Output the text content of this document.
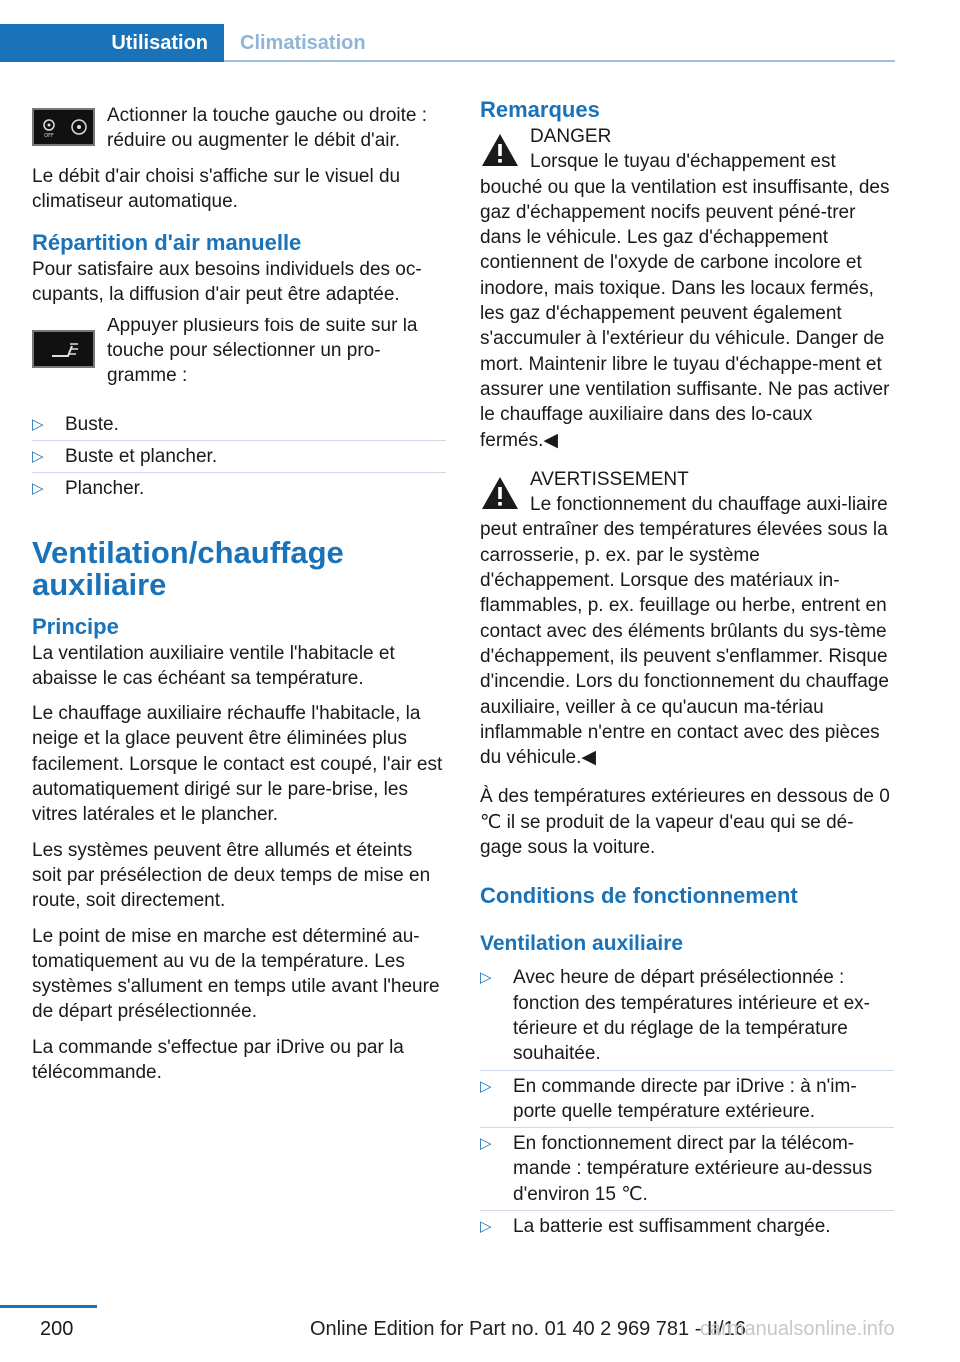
Utilisation	Climatisation
OFF

Actionner la touche gauche ou droite : réduire ou augmenter le débit d'air.

Le débit d'air choisi s'affiche sur le visuel du climatiseur automatique.

Répartition d'air manuelle

Pour satisfaire aux besoins individuels des oc-cupants, la diffusion d'air peut être adaptée.

Appuyer plusieurs fois de suite sur la touche pour sélectionner un pro-gramme :

▷ Buste.
▷ Buste et plancher.
▷ Plancher.
Ventilation/chauffage auxiliaire
Principe

La ventilation auxiliaire ventile l'habitacle et abaisse le cas échéant sa température.

Le chauffage auxiliaire réchauffe l'habitacle, la neige et la glace peuvent être éliminées plus facilement. Lorsque le contact est coupé, l'air est automatiquement dirigé sur le pare-brise, les vitres latérales et le plancher.

Les systèmes peuvent être allumés et éteints soit par présélection de deux temps de mise en route, soit directement.

Le point de mise en marche est déterminé au-tomatiquement au vu de la température. Les systèmes s'allument en temps utile avant l'heure de départ présélectionnée.

La commande s'effectue par iDrive ou par la télécommande.

Remarques

DANGER

Lorsque le tuyau d'échappement est bouché ou que la ventilation est insuffisante, des gaz d'échappement nocifs peuvent péné-trer dans le véhicule. Les gaz d'échappement contiennent de l'oxyde de carbone incolore et inodore, mais toxique. Dans les locaux fermés, les gaz d'échappement peuvent également s'accumuler à l'extérieur du véhicule. Danger de mort. Maintenir libre le tuyau d'échappe-ment et assurer une ventilation suffisante. Ne pas activer le chauffage auxiliaire dans des lo-caux fermés.◀

AVERTISSEMENT

Le fonctionnement du chauffage auxi-liaire peut entraîner des températures élevées sous la carrosserie, p. ex. par le système d'échappement. Lorsque des matériaux in-flammables, p. ex. feuillage ou herbe, entrent en contact avec des éléments brûlants du sys-tème d'échappement, ils peuvent s'enflammer. Risque d'incendie. Lors du fonctionnement du chauffage auxiliaire, veiller à ce qu'aucun ma-tériau inflammable n'entre en contact avec des pièces du véhicule.◀

À des températures extérieures en dessous de 0 ℃ il se produit de la vapeur d'eau qui se dé-gage sous la voiture.

Conditions de fonctionnement
Ventilation auxiliaire
▷ Avec heure de départ présélectionnée : fonction des températures intérieure et ex-térieure et du réglage de la température souhaitée.
▷ En commande directe par iDrive : à n'im-porte quelle température extérieure.
▷ En fonctionnement direct par la télécom-mande : température extérieure au-dessus d'environ 15 ℃.
▷ La batterie est suffisamment chargée.
200	Online Edition for Part no. 01 40 2 969 781 - II/16
carmanualsonline.info
